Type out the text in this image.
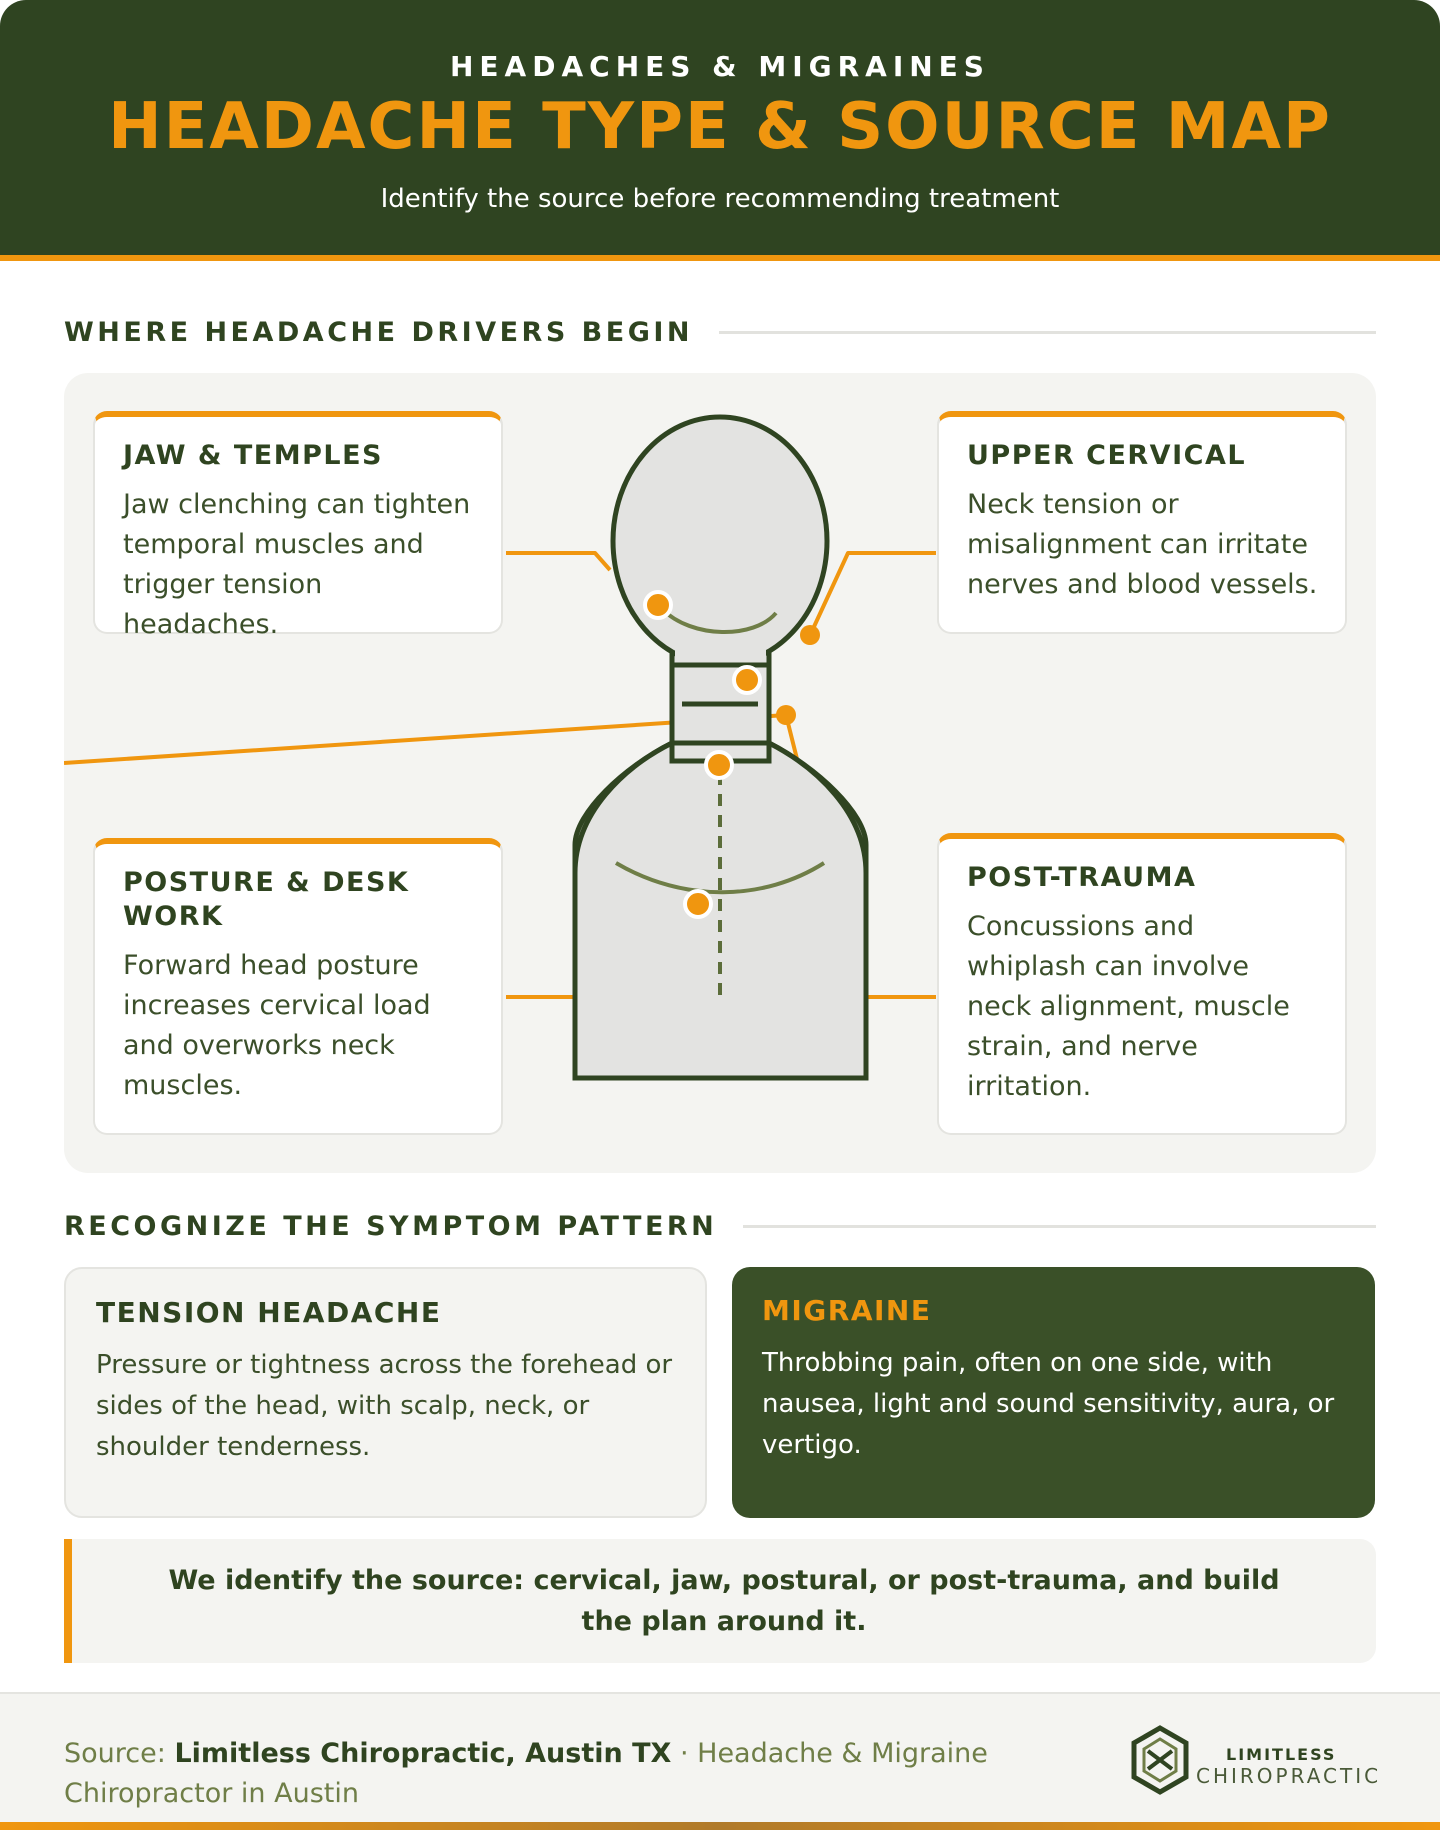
HEADACHES & MIGRAINES
HEADACHE TYPE & SOURCE MAP
Identify the source before recommending treatment
WHERE HEADACHE DRIVERS BEGIN
JAW & TEMPLES
Jaw clenching can tighten temporal muscles and trigger tension headaches.
UPPER CERVICAL
Neck tension or misalignment can irritate nerves and blood vessels.
POSTURE & DESK WORK
Forward head posture increases cervical load and overworks neck muscles.
POST-TRAUMA
Concussions and whiplash can involve neck alignment, muscle strain, and nerve irritation.
RECOGNIZE THE SYMPTOM PATTERN
TENSION HEADACHE
Pressure or tightness across the forehead or sides of the head, with scalp, neck, or shoulder tenderness.
MIGRAINE
Throbbing pain, often on one side, with nausea, light and sound sensitivity, aura, or vertigo.
We identify the source: cervical, jaw, postural, or post-trauma, and build the plan around it.
Source: Limitless Chiropractic, Austin TX · Headache & Migraine Chiropractor in Austin
LIMITLESS
CHIROPRACTIC
